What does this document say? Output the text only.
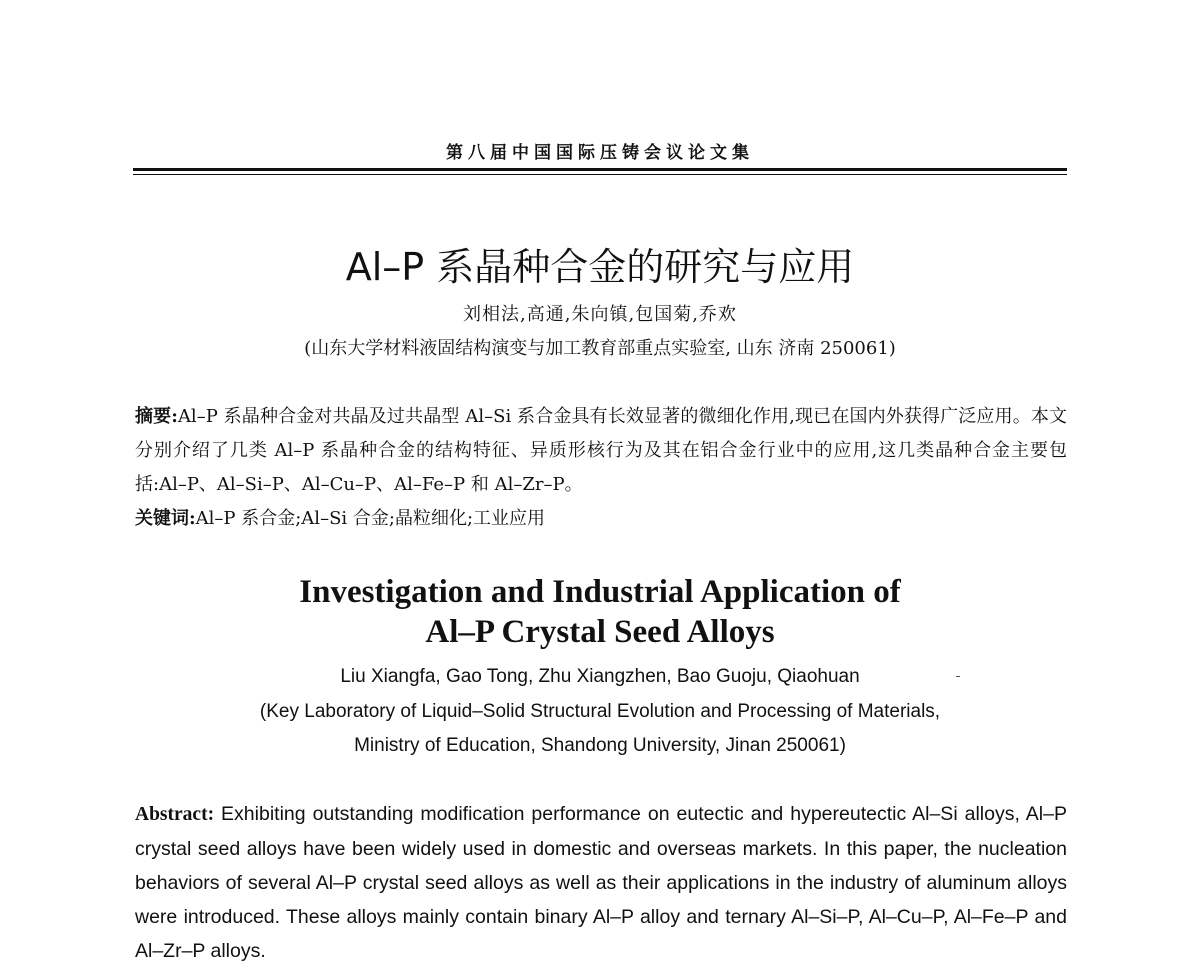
第八届中国国际压铸会议论文集
Al–P 系晶种合金的研究与应用
刘相法,高通,朱向镇,包国菊,乔欢
(山东大学材料液固结构演变与加工教育部重点实验室, 山东 济南 250061)

摘要:Al–P 系晶种合金对共晶及过共晶型 Al–Si 系合金具有长效显著的微细化作用,现已在国内外获得广泛应用。本文分别介绍了几类 Al–P 系晶种合金的结构特征、异质形核行为及其在铝合金行业中的应用,这几类晶种合金主要包括:Al–P、Al–Si–P、Al–Cu–P、Al–Fe–P 和 Al–Zr–P。

关键词:Al–P 系合金;Al–Si 合金;晶粒细化;工业应用

Investigation and Industrial Application of
Al–P Crystal Seed Alloys
Liu Xiangfa, Gao Tong, Zhu Xiangzhen, Bao Guoju, Qiaohuan
(Key Laboratory of Liquid–Solid Structural Evolution and Processing of Materials,
Ministry of Education, Shandong University, Jinan 250061)

Abstract: Exhibiting outstanding modification performance on eutectic and hypereutectic Al–Si alloys, Al–P crystal seed alloys have been widely used in domestic and overseas markets. In this paper, the nucleation behaviors of several Al–P crystal seed alloys as well as their applications in the industry of aluminum alloys were introduced. These alloys mainly contain binary Al–P alloy and ternary Al–Si–P, Al–Cu–P, Al–Fe–P and Al–Zr–P alloys.
